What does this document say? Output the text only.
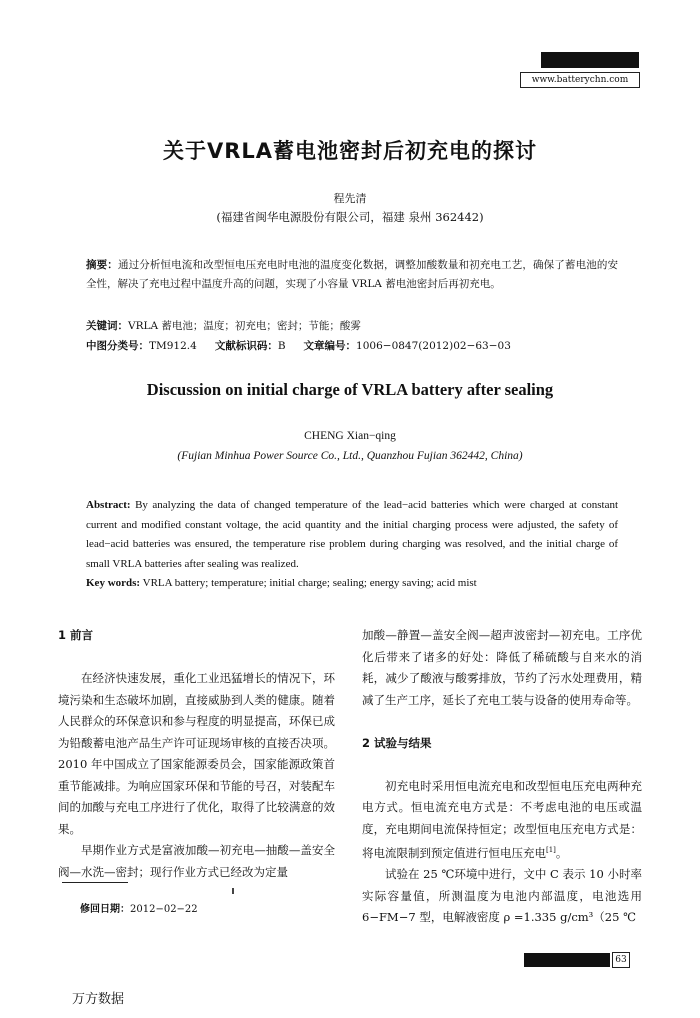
www.batterychn.com
关于VRLA蓄电池密封后初充电的探讨
程先清
(福建省闽华电源股份有限公司，福建 泉州 362442)
摘要：通过分析恒电流和改型恒电压充电时电池的温度变化数据，调整加酸数量和初充电工艺，确保了蓄电池的安全性，解决了充电过程中温度升高的问题，实现了小容量 VRLA 蓄电池密封后再初充电。
关键词：VRLA 蓄电池；温度；初充电；密封；节能；酸雾
中图分类号：TM912.4 文献标识码：B 文章编号：1006−0847(2012)02−63−03
Discussion on initial charge of VRLA battery after sealing
CHENG Xian−qing
(Fujian Minhua Power Source Co., Ltd., Quanzhou Fujian 362442, China)
Abstract: By analyzing the data of changed temperature of the lead−acid batteries which were charged at constant current and modified constant voltage, the acid quantity and the initial charging process were adjusted, the safety of lead−acid batteries was ensured, the temperature rise problem during charging was resolved, and the initial charge of small VRLA batteries after sealing was realized.
Key words: VRLA battery; temperature; initial charge; sealing; energy saving; acid mist
1 前言

在经济快速发展，重化工业迅猛增长的情况下，环境污染和生态破坏加剧，直接威胁到人类的健康。随着人民群众的环保意识和参与程度的明显提高，环保已成为铅酸蓄电池产品生产许可证现场审核的直接否决项。2010 年中国成立了国家能源委员会，国家能源政策首重节能减排。为响应国家环保和节能的号召，对装配车间的加酸与充电工序进行了优化，取得了比较满意的效果。

早期作业方式是富液加酸—初充电—抽酸—盖安全阀—水洗—密封；现行作业方式已经改为定量

加酸—静置—盖安全阀—超声波密封—初充电。工序优化后带来了诸多的好处：降低了稀硫酸与自来水的消耗，减少了酸液与酸雾排放，节约了污水处理费用，精减了生产工序，延长了充电工装与设备的使用寿命等。

2 试验与结果

初充电时采用恒电流充电和改型恒电压充电两种充电方式。恒电流充电方式是：不考虑电池的电压或温度，充电期间电流保持恒定；改型恒电压充电方式是：将电流限制到预定值进行恒电压充电[1]。

试验在 25 ℃环境中进行，文中 C 表示 10 小时率实际容量值，所测温度为电池内部温度，电池选用 6−FM−7 型，电解液密度 ρ =1.335 g/cm³（25 ℃

修回日期：2012−02−22
63
万方数据
